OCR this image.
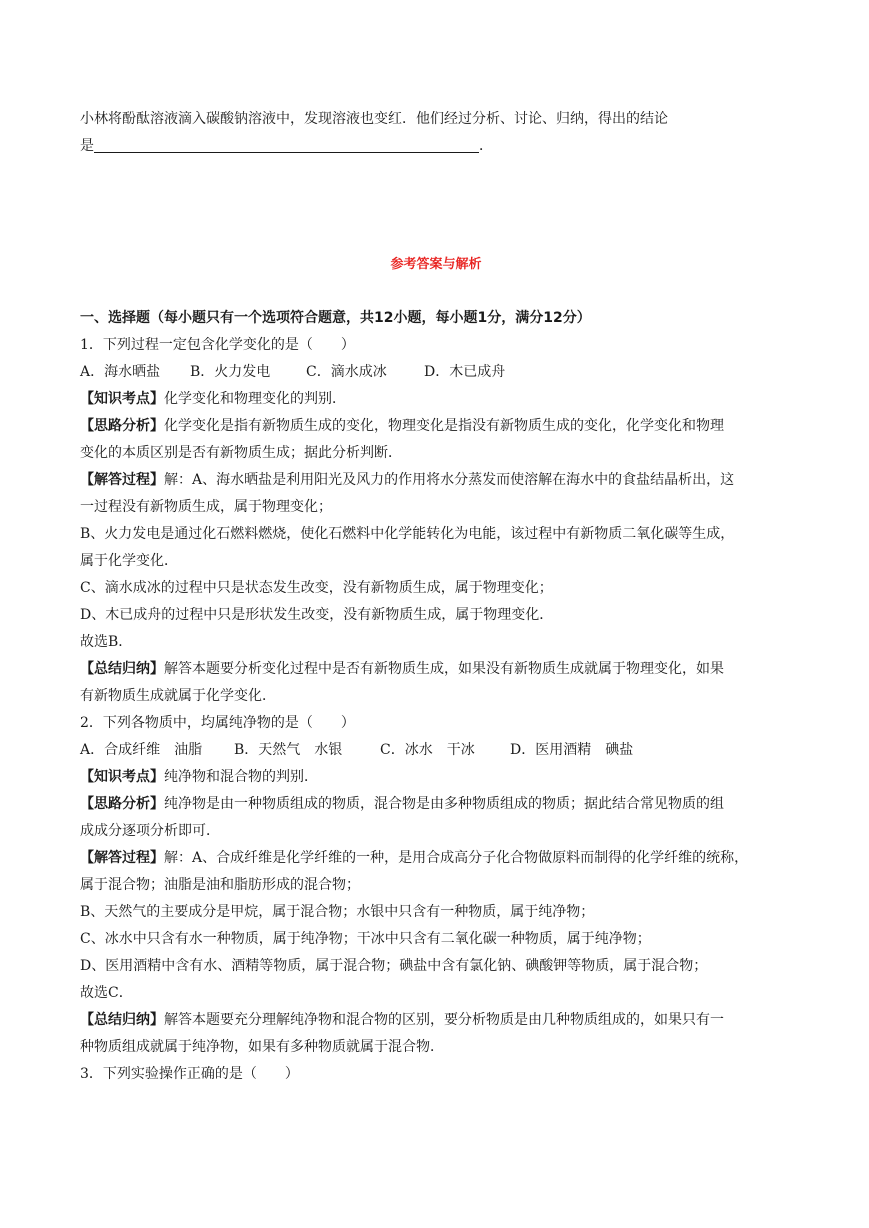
小林将酚酞溶液滴入碳酸钠溶液中，发现溶液也变红．他们经过分析、讨论、归纳，得出的结论
是	．
参考答案与解析
一、选择题（每小题只有一个选项符合题意，共12小题，每小题1分，满分12分）
1．下列过程一定包含化学变化的是（　　）
A．海水晒盐 B．火力发电	C．滴水成冰	D．木已成舟
【知识考点】化学变化和物理变化的判别．
【思路分析】化学变化是指有新物质生成的变化，物理变化是指没有新物质生成的变化，化学变化和物理
变化的本质区别是否有新物质生成；据此分析判断．
【解答过程】解：A、海水晒盐是利用阳光及风力的作用将水分蒸发而使溶解在海水中的食盐结晶析出，这
一过程没有新物质生成，属于物理变化；
B、火力发电是通过化石燃料燃烧，使化石燃料中化学能转化为电能，该过程中有新物质二氧化碳等生成，
属于化学变化．
C、滴水成冰的过程中只是状态发生改变，没有新物质生成，属于物理变化；
D、木已成舟的过程中只是形状发生改变，没有新物质生成，属于物理变化．
故选B．
【总结归纳】解答本题要分析变化过程中是否有新物质生成，如果没有新物质生成就属于物理变化，如果
有新物质生成就属于化学变化．
2．下列各物质中，均属纯净物的是（　　）
A．合成纤维　油脂 B．天然气　水银	C．冰水　干冰	D．医用酒精　碘盐
【知识考点】纯净物和混合物的判别．
【思路分析】纯净物是由一种物质组成的物质，混合物是由多种物质组成的物质；据此结合常见物质的组
成成分逐项分析即可．
【解答过程】解：A、合成纤维是化学纤维的一种，是用合成高分子化合物做原料而制得的化学纤维的统称，
属于混合物；油脂是油和脂肪形成的混合物；
B、天然气的主要成分是甲烷，属于混合物；水银中只含有一种物质，属于纯净物；
C、冰水中只含有水一种物质，属于纯净物；干冰中只含有二氧化碳一种物质，属于纯净物；
D、医用酒精中含有水、酒精等物质，属于混合物；碘盐中含有氯化钠、碘酸钾等物质，属于混合物；
故选C．
【总结归纳】解答本题要充分理解纯净物和混合物的区别，要分析物质是由几种物质组成的，如果只有一
种物质组成就属于纯净物，如果有多种物质就属于混合物．
3．下列实验操作正确的是（　　）
